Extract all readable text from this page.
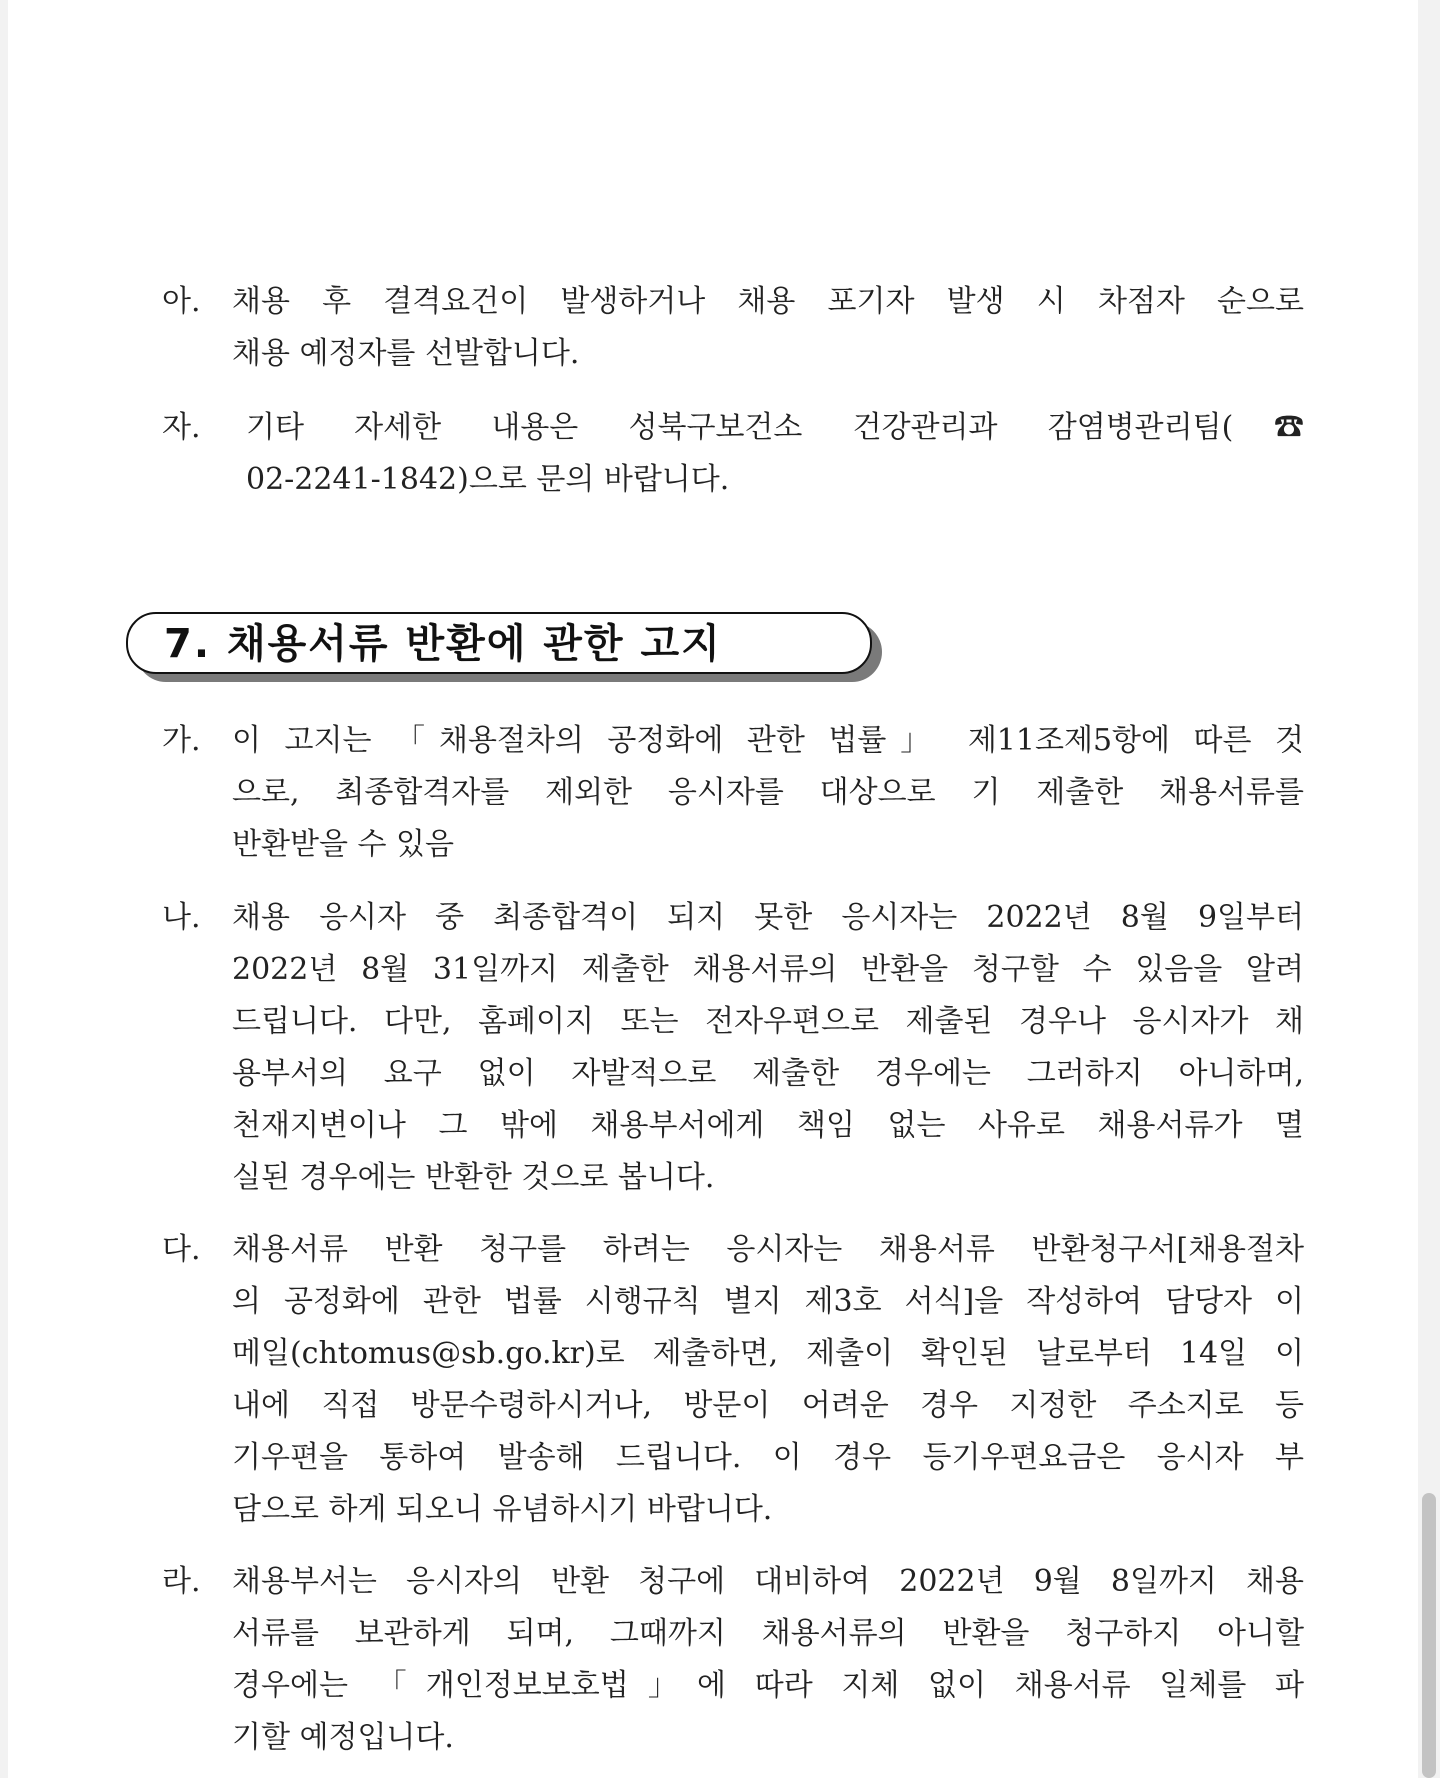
아. 채용 후 결격요건이 발생하거나 채용 포기자 발생 시 차점자 순으로
채용 예정자를 선발합니다.
자. 기타 자세한 내용은 성북구보건소 건강관리과 감염병관리팀(☎
02-2241-1842)으로 문의 바랍니다.
7. 채용서류 반환에 관한 고지
가. 이 고지는 「채용절차의 공정화에 관한 법률」 제11조제5항에 따른 것
으로, 최종합격자를 제외한 응시자를 대상으로 기 제출한 채용서류를
반환받을 수 있음
나. 채용 응시자 중 최종합격이 되지 못한 응시자는 2022년 8월 9일부터
2022년 8월 31일까지 제출한 채용서류의 반환을 청구할 수 있음을 알려
드립니다. 다만, 홈페이지 또는 전자우편으로 제출된 경우나 응시자가 채
용부서의 요구 없이 자발적으로 제출한 경우에는 그러하지 아니하며,
천재지변이나 그 밖에 채용부서에게 책임 없는 사유로 채용서류가 멸
실된 경우에는 반환한 것으로 봅니다.
다. 채용서류 반환 청구를 하려는 응시자는 채용서류 반환청구서[채용절차
의 공정화에 관한 법률 시행규칙 별지 제3호 서식]을 작성하여 담당자 이
메일(chtomus@sb.go.kr)로 제출하면, 제출이 확인된 날로부터 14일 이
내에 직접 방문수령하시거나, 방문이 어려운 경우 지정한 주소지로 등
기우편을 통하여 발송해 드립니다. 이 경우 등기우편요금은 응시자 부
담으로 하게 되오니 유념하시기 바랍니다.
라. 채용부서는 응시자의 반환 청구에 대비하여 2022년 9월 8일까지 채용
서류를 보관하게 되며, 그때까지 채용서류의 반환을 청구하지 아니할
경우에는 「개인정보보호법」에 따라 지체 없이 채용서류 일체를 파
기할 예정입니다.
